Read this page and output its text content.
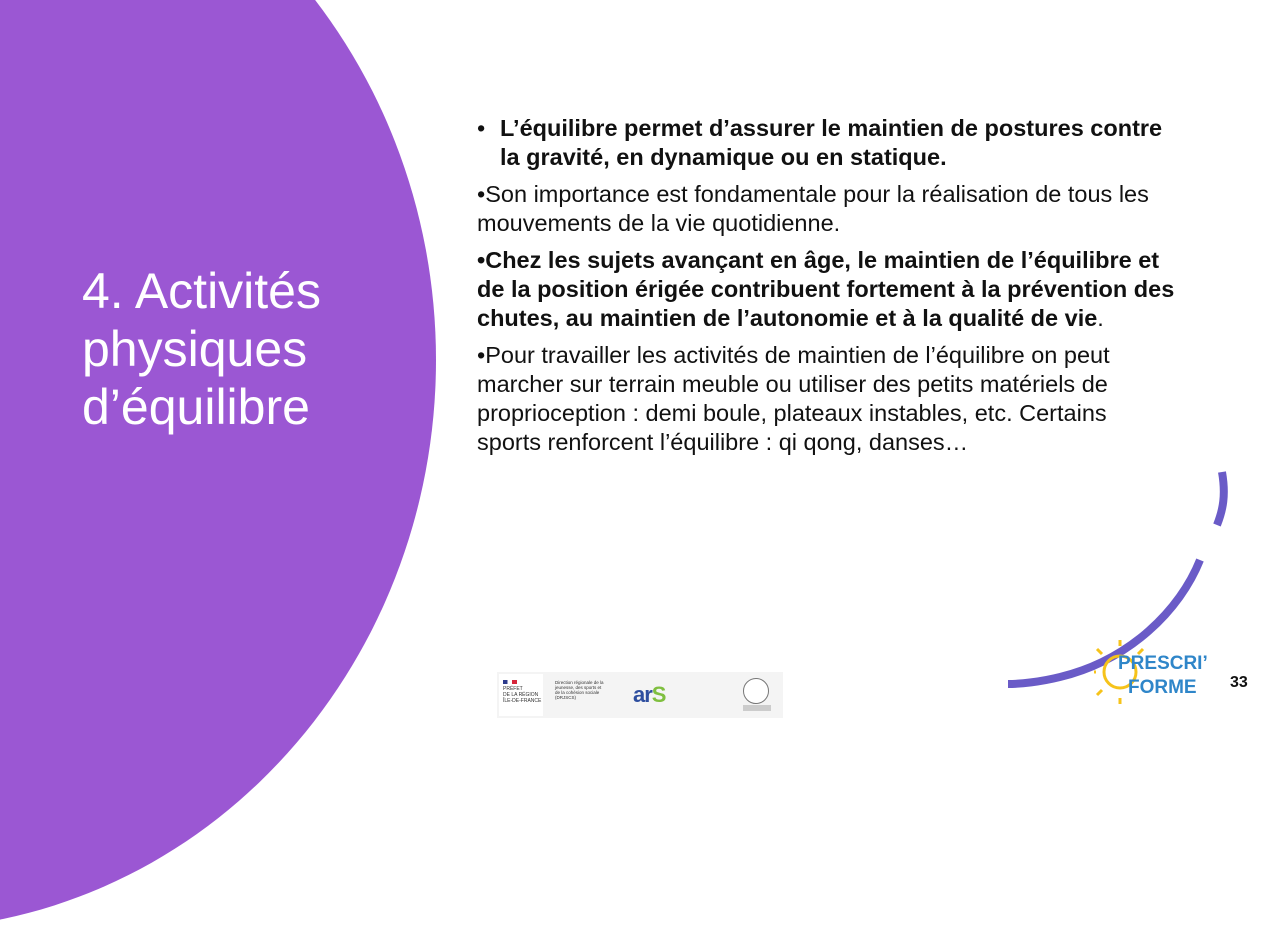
4. Activités
physiques
d’équilibre
• L’équilibre permet d’assurer le maintien de postures contre la gravité, en dynamique ou en statique.
•Son importance est fondamentale pour la réalisation de tous les mouvements de la vie quotidienne.
•Chez les sujets avançant en âge, le maintien de l’équilibre et de la position érigée contribuent fortement à la prévention des chutes, au maintien de l’autonomie et à la qualité de vie.
•Pour travailler les activités de maintien de l’équilibre on peut marcher sur terrain meuble ou utiliser des petits matériels de proprioception : demi boule, plateaux instables, etc. Certains sports renforcent l’équilibre : qi qong, danses…
PRÉFET
DE LA RÉGION
ÎLE-DE-FRANCE
Direction régionale de la jeunesse, des sports et de la cohésion sociale (DRJSCS)	arS
PRESCRI’
FORME 33
